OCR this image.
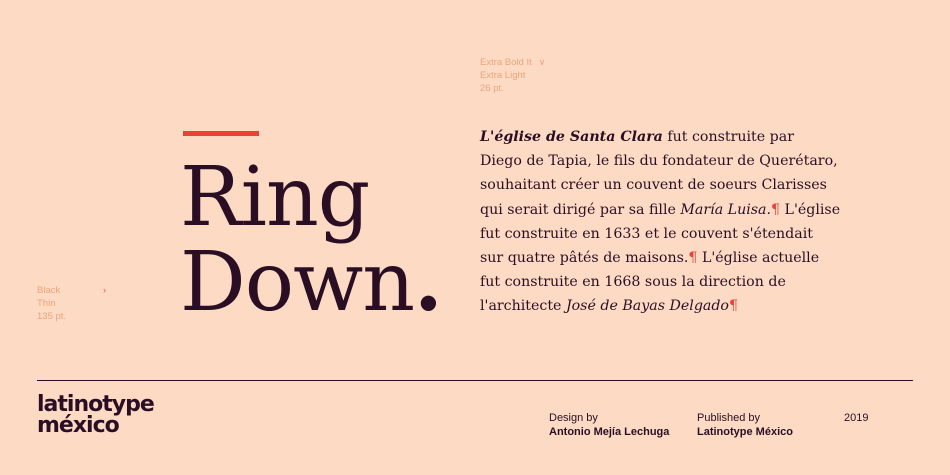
Extra Bold It ∨
Extra Light
26 pt.
Black	›
Thin
135 pt.
Ring
Down.
L'église de Santa Clara fut construite par
Diego de Tapia, le fils du fondateur de Querétaro,
souhaitant créer un couvent de soeurs Clarisses
qui serait dirigé par sa fille María Luisa.¶ L'église
fut construite en 1633 et le couvent s'étendait
sur quatre pâtés de maisons.¶ L'église actuelle
fut construite en 1668 sous la direction de
l'architecte José de Bayas Delgado¶
latinotype
méxico	Design by
Antonio Mejía Lechuga
Published by
Latinotype México
2019
